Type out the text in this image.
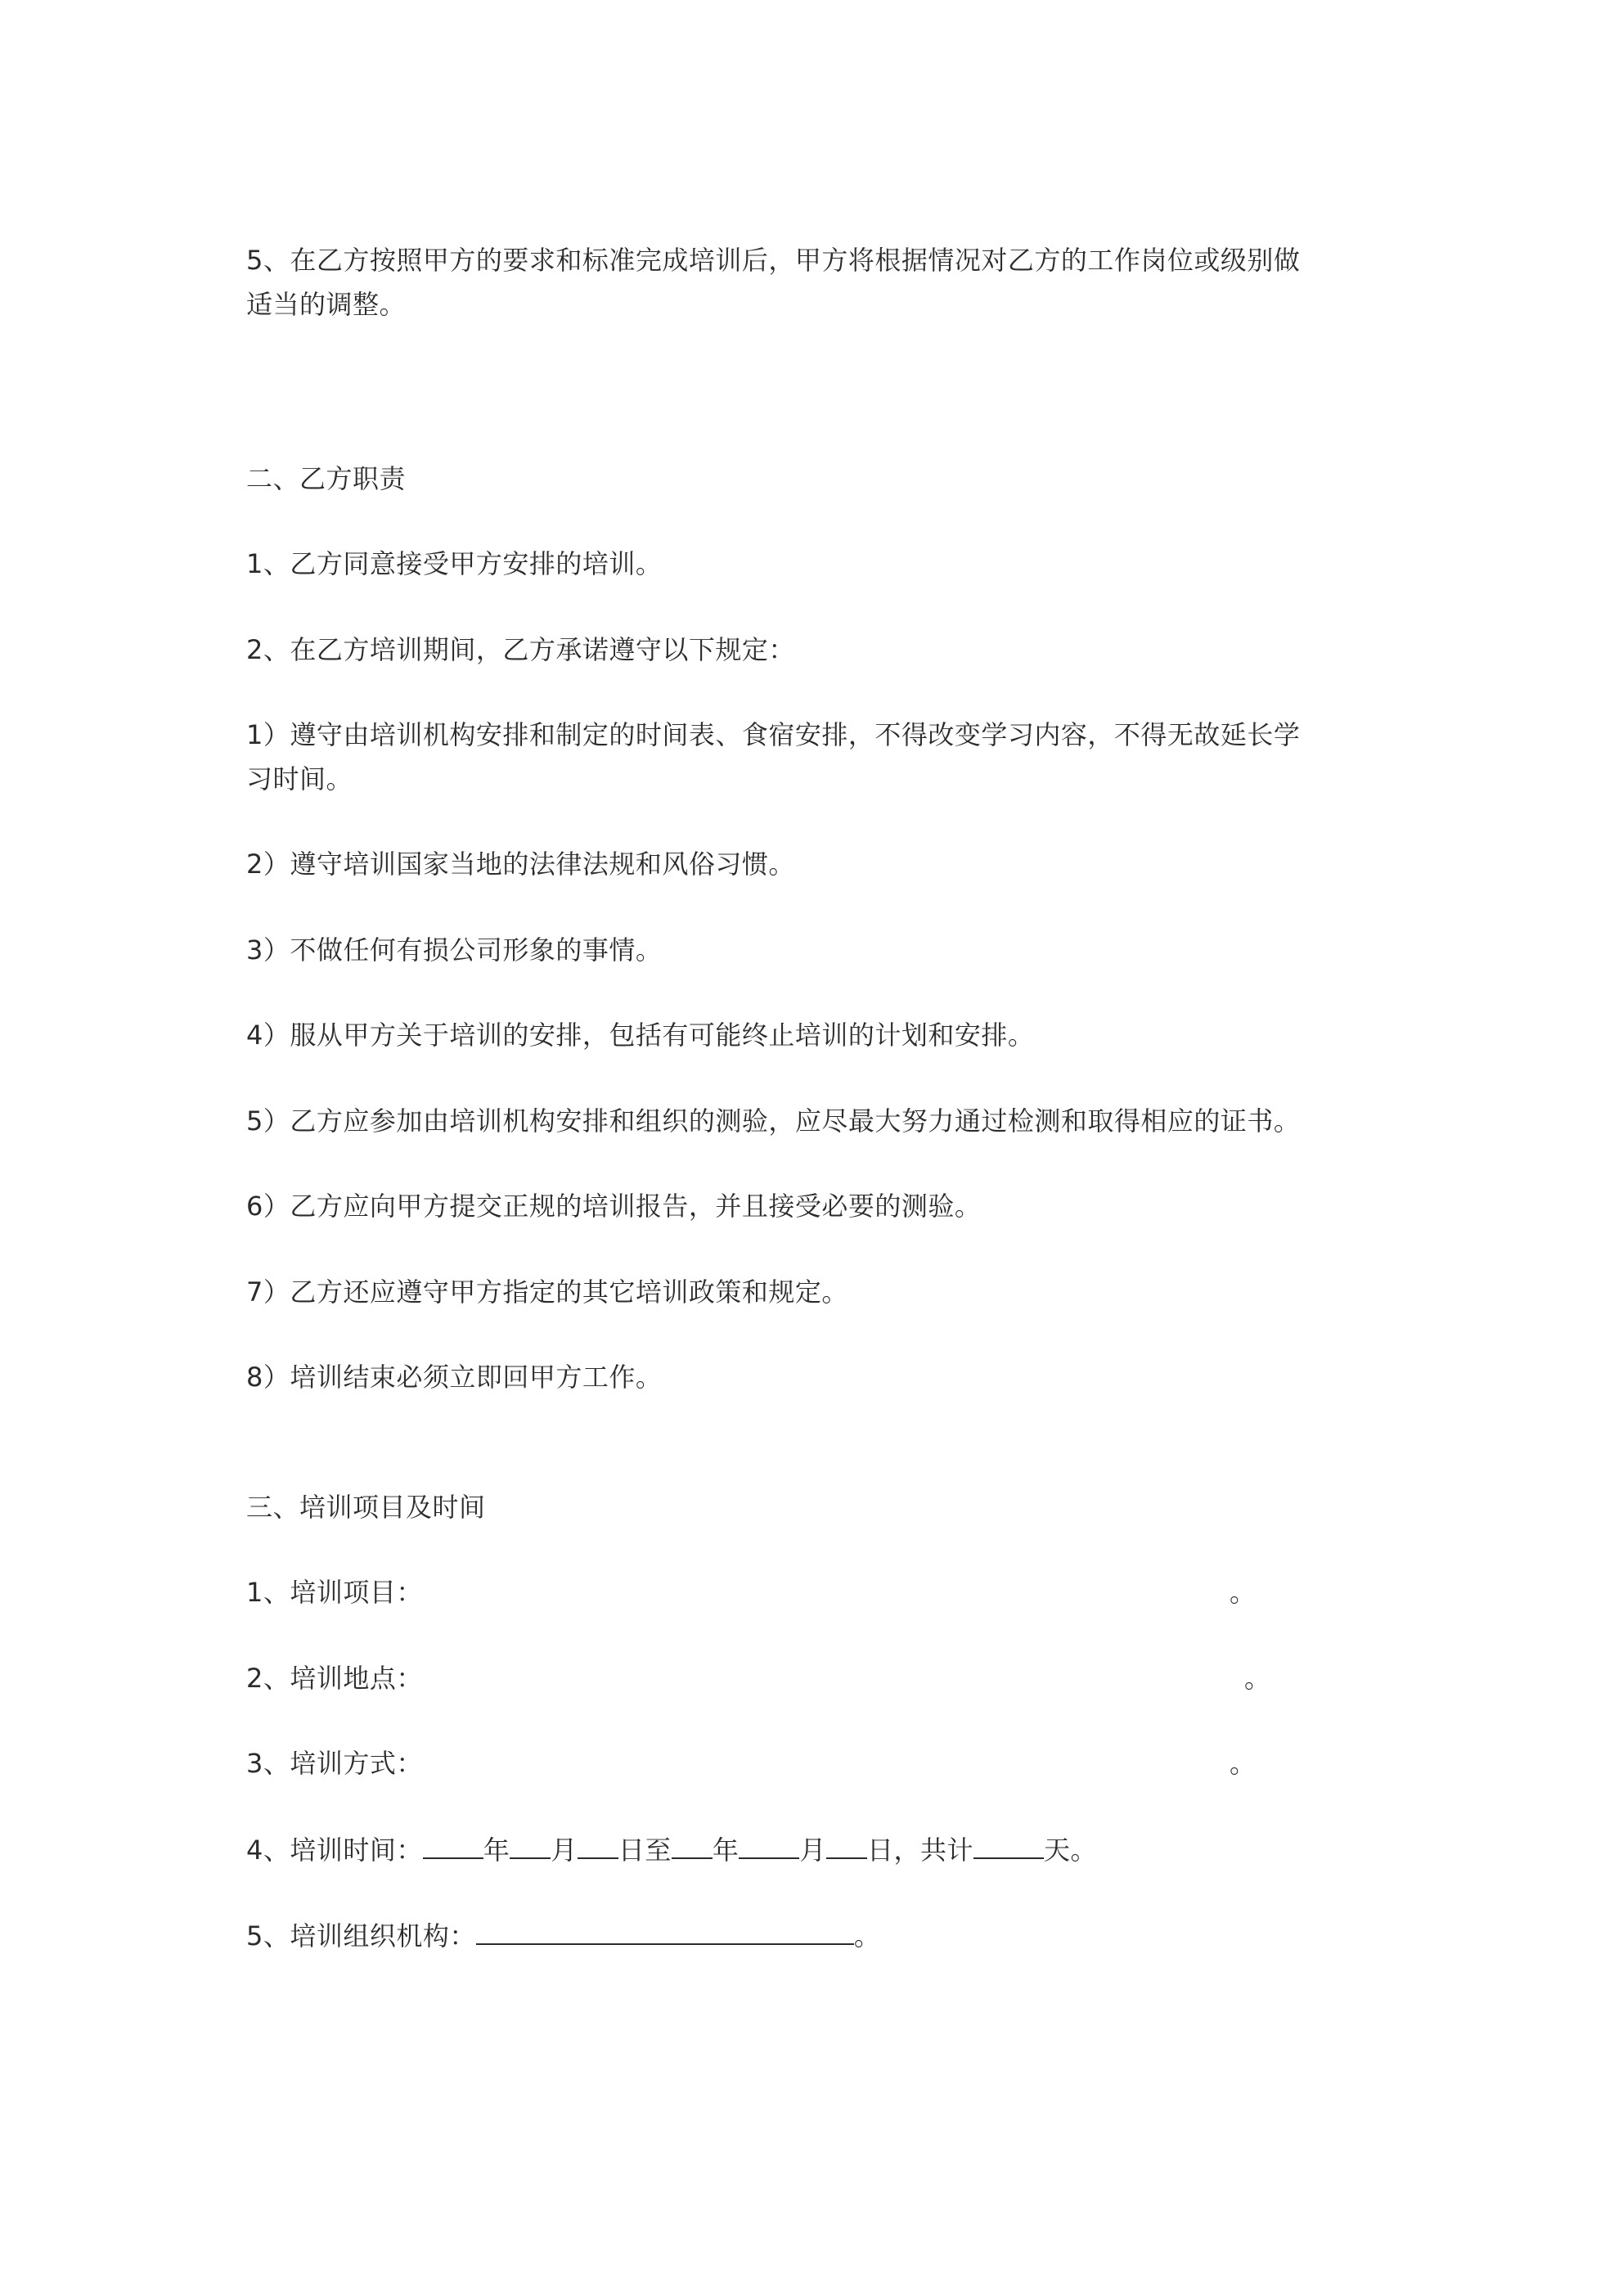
5、在乙方按照甲方的要求和标准完成培训后，甲方将根据情况对乙方的工作岗位或级别做
适当的调整。
二、乙方职责
1、乙方同意接受甲方安排的培训。
2、在乙方培训期间，乙方承诺遵守以下规定：
1）遵守由培训机构安排和制定的时间表、食宿安排，不得改变学习内容，不得无故延长学
习时间。
2）遵守培训国家当地的法律法规和风俗习惯。
3）不做任何有损公司形象的事情。
4）服从甲方关于培训的安排，包括有可能终止培训的计划和安排。
5）乙方应参加由培训机构安排和组织的测验，应尽最大努力通过检测和取得相应的证书。
6）乙方应向甲方提交正规的培训报告，并且接受必要的测验。
7）乙方还应遵守甲方指定的其它培训政策和规定。
8）培训结束必须立即回甲方工作。
三、培训项目及时间
1、培训项目：	。
2、培训地点：	。
3、培训方式：	。
4、培训时间： 年 月 日至 年 月 日，共计	天。
5、培训组织机构：	。
